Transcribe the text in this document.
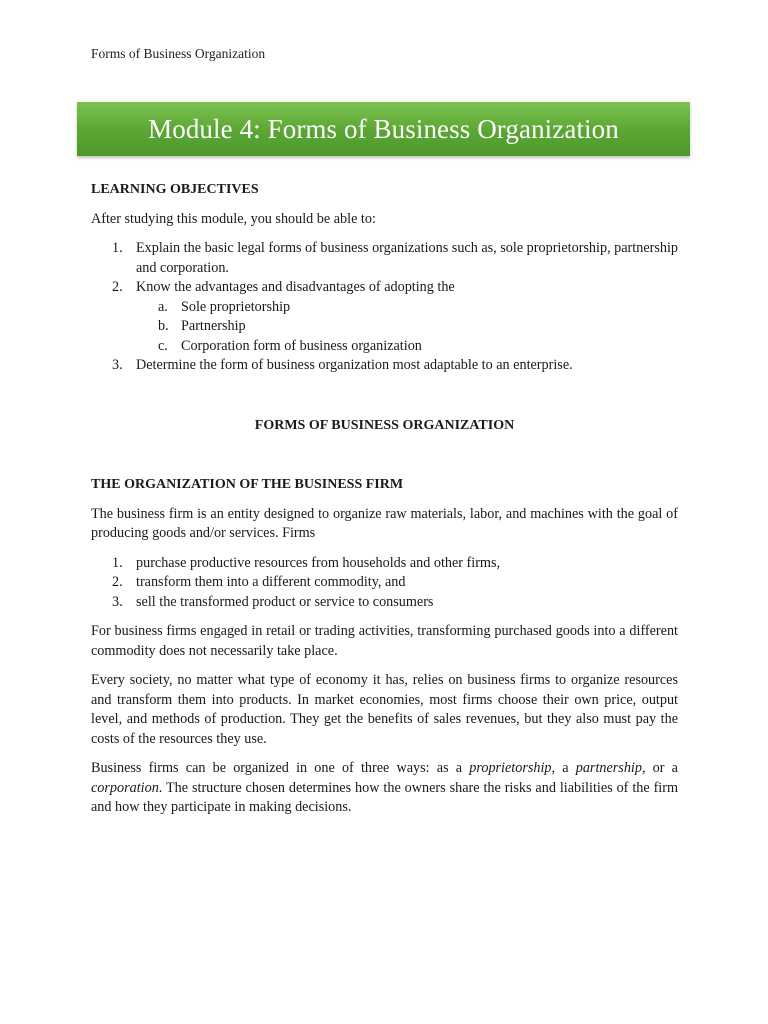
Forms of Business Organization
Module 4: Forms of Business Organization

LEARNING OBJECTIVES

After studying this module, you should be able to:

1. Explain the basic legal forms of business organizations such as, sole proprietorship, partnership and corporation.
2. Know the advantages and disadvantages of adopting the
a. Sole proprietorship
b. Partnership
c. Corporation form of business organization
3. Determine the form of business organization most adaptable to an enterprise.

FORMS OF BUSINESS ORGANIZATION

THE ORGANIZATION OF THE BUSINESS FIRM

The business firm is an entity designed to organize raw materials, labor, and machines with the goal of producing goods and/or services. Firms

1. purchase productive resources from households and other firms,
2. transform them into a different commodity, and
3. sell the transformed product or service to consumers

For business firms engaged in retail or trading activities, transforming purchased goods into a different commodity does not necessarily take place.

Every society, no matter what type of economy it has, relies on business firms to organize resources and transform them into products. In market economies, most firms choose their own price, output level, and methods of production. They get the benefits of sales revenues, but they also must pay the costs of the resources they use.

Business firms can be organized in one of three ways: as a proprietorship, a partnership, or a corporation. The structure chosen determines how the owners share the risks and liabilities of the firm and how they participate in making decisions.
